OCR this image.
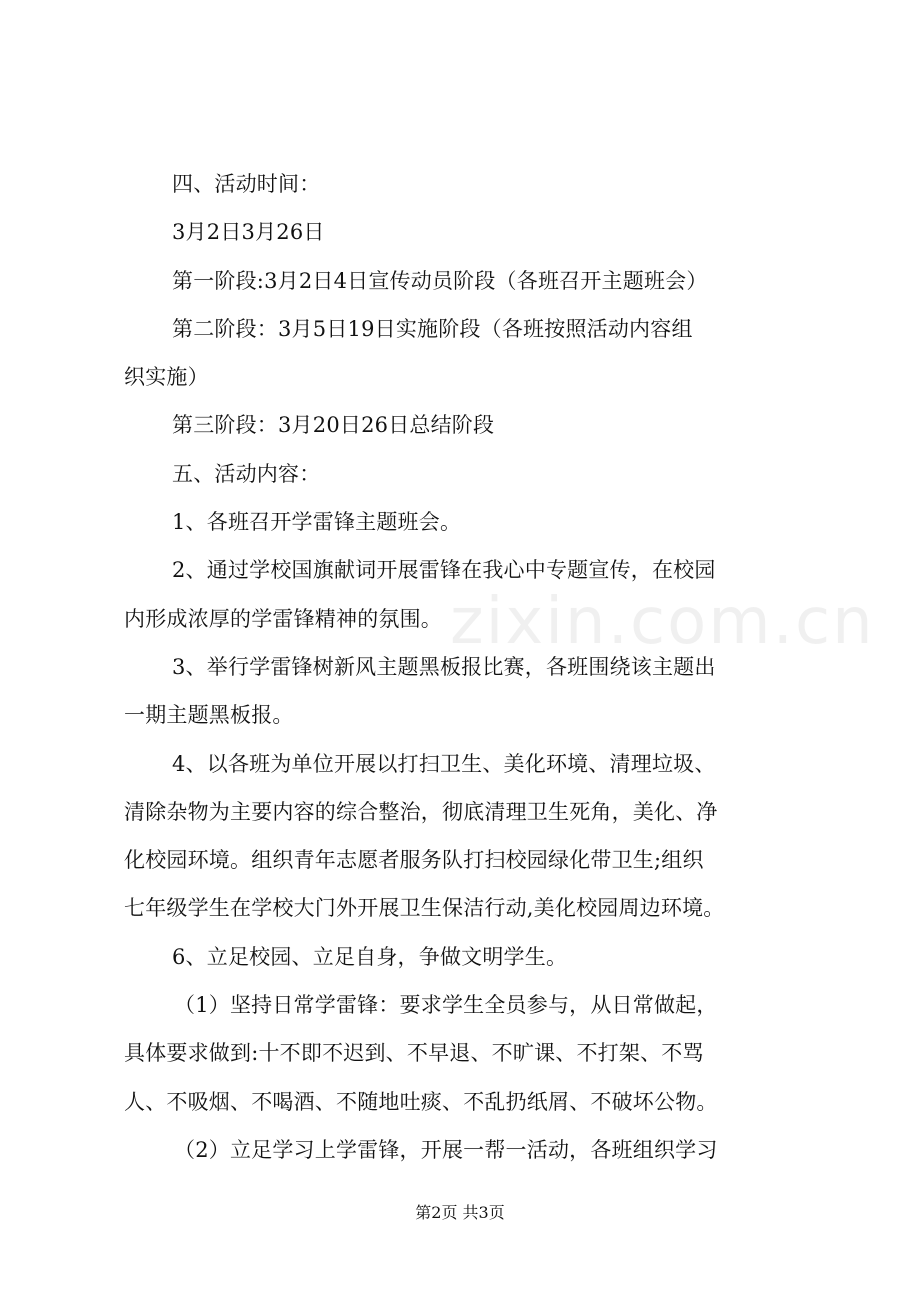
zixin.com.cn
四、活动时间：
3月2日3月26日
第一阶段:3月2日4日宣传动员阶段（各班召开主题班会）
第二阶段：3月5日19日实施阶段（各班按照活动内容组
织实施）
第三阶段：3月20日26日总结阶段
五、活动内容：
1、各班召开学雷锋主题班会。
2、通过学校国旗献词开展雷锋在我心中专题宣传，在校园
内形成浓厚的学雷锋精神的氛围。
3、举行学雷锋树新风主题黑板报比赛，各班围绕该主题出
一期主题黑板报。
4、以各班为单位开展以打扫卫生、美化环境、清理垃圾、
清除杂物为主要内容的综合整治，彻底清理卫生死角，美化、净
化校园环境。组织青年志愿者服务队打扫校园绿化带卫生;组织
七年级学生在学校大门外开展卫生保洁行动,美化校园周边环境。
6、立足校园、立足自身，争做文明学生。
（1）坚持日常学雷锋：要求学生全员参与，从日常做起，
具体要求做到:十不即不迟到、不早退、不旷课、不打架、不骂
人、不吸烟、不喝酒、不随地吐痰、不乱扔纸屑、不破坏公物。
（2）立足学习上学雷锋，开展一帮一活动，各班组织学习
第2页 共3页
